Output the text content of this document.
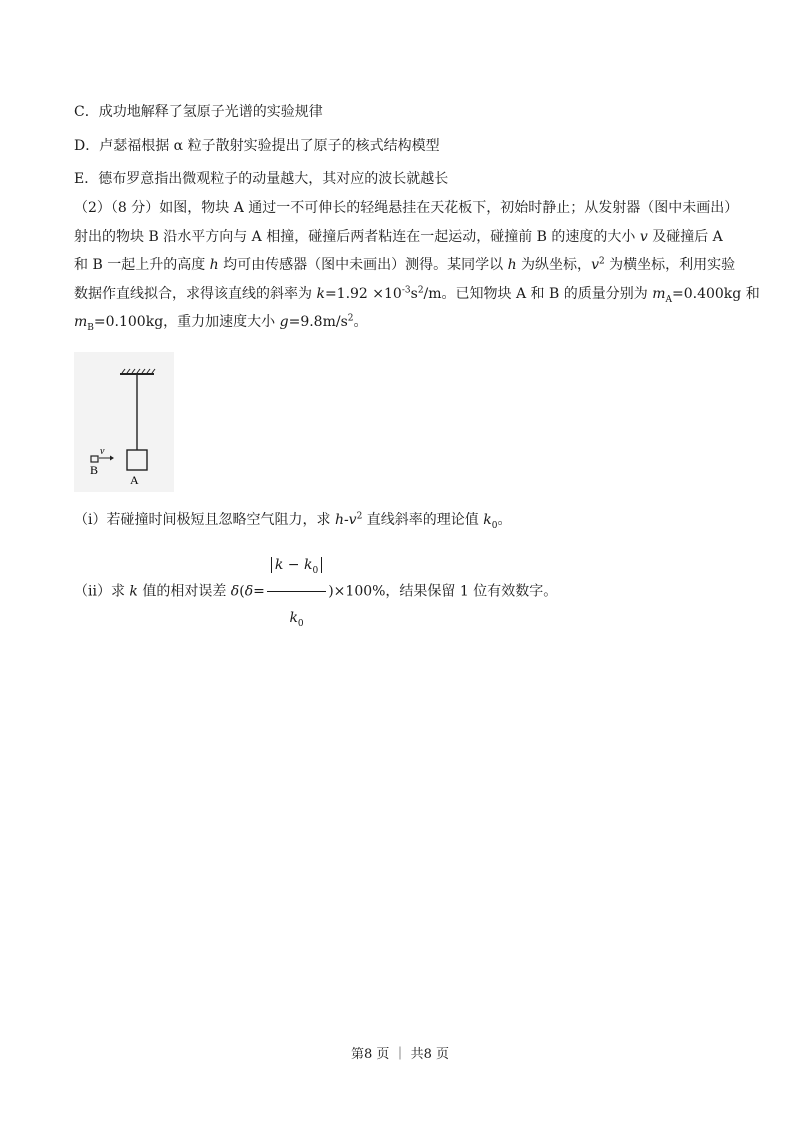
C．成功地解释了氢原子光谱的实验规律
D．卢瑟福根据 α 粒子散射实验提出了原子的核式结构模型
E．德布罗意指出微观粒子的动量越大，其对应的波长就越长

（2）（8 分）如图，物块 A 通过一不可伸长的轻绳悬挂在天花板下，初始时静止；从发射器（图中未画出）

射出的物块 B 沿水平方向与 A 相撞，碰撞后两者粘连在一起运动，碰撞前 B 的速度的大小 v 及碰撞后 A

和 B 一起上升的高度 h 均可由传感器（图中未画出）测得。某同学以 h 为纵坐标，$v^2$ 为横坐标，利用实验

数据作直线拟合，求得该直线的斜率为 $k=1.92 \times 10^{-3}s^2/m$。已知物块 A 和 B 的质量分别为 $m_A=0.400kg$ 和

$m_B=0.100kg$，重力加速度大小 $g=9.8m/s^2$。

A
v
B
（i）若碰撞时间极短且忽略空气阻力，求 $h-v^2$ 直线斜率的理论值 $k_0$。
（ii）求 k 值的相对误差 $\delta(\delta= \frac{k - k_0}{k_0} )\times 100\%$，结果保留 1 位有效数字。
第8 页 ｜ 共8 页
